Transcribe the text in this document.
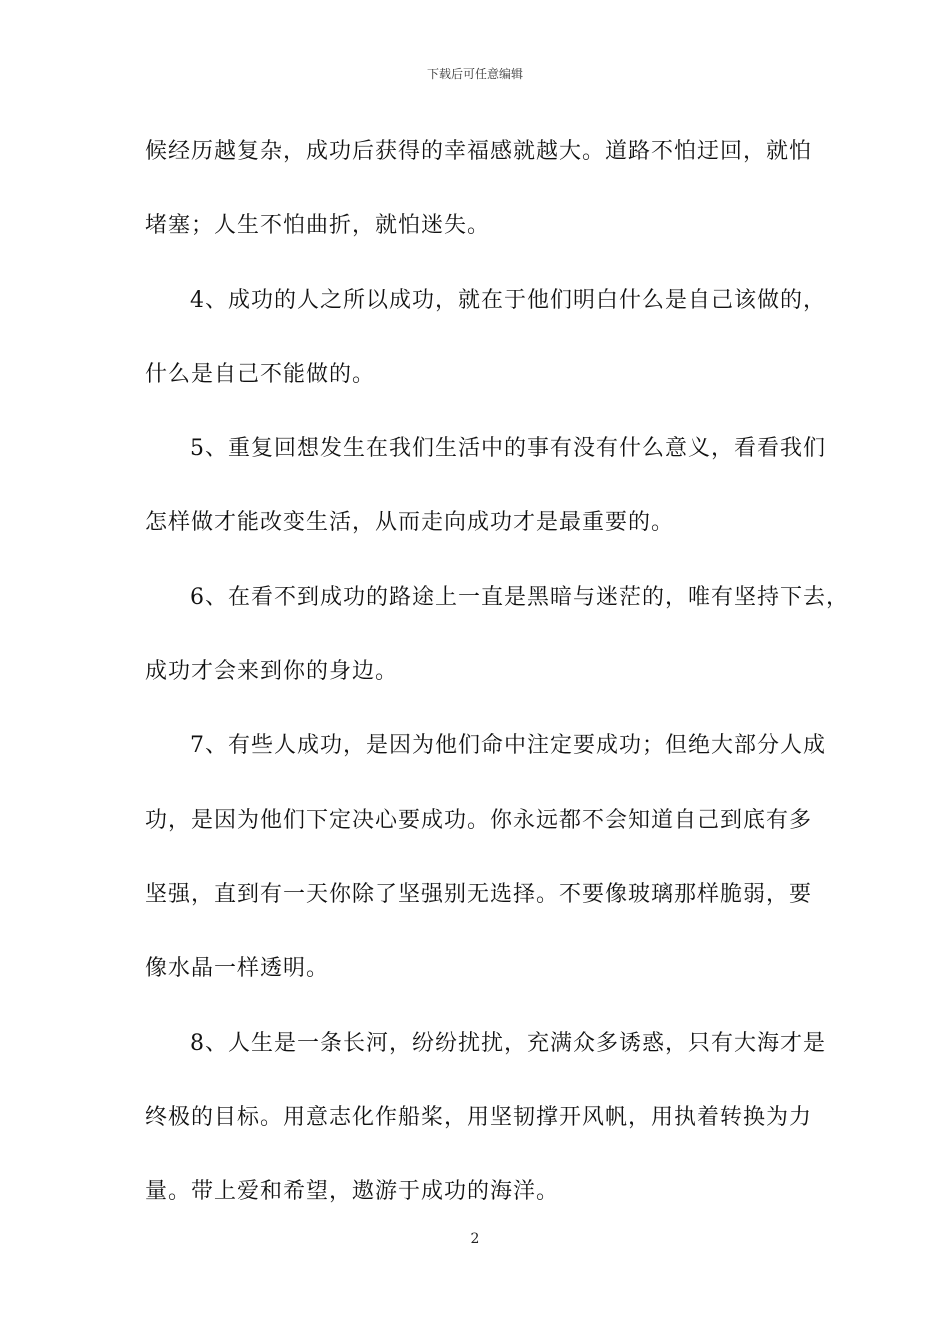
下载后可任意编辑
候经历越复杂，成功后获得的幸福感就越大。道路不怕迂回，就怕
堵塞；人生不怕曲折，就怕迷失。
4、成功的人之所以成功，就在于他们明白什么是自己该做的，
什么是自己不能做的。
5、重复回想发生在我们生活中的事有没有什么意义，看看我们
怎样做才能改变生活，从而走向成功才是最重要的。
6、在看不到成功的路途上一直是黑暗与迷茫的，唯有坚持下去，
成功才会来到你的身边。
7、有些人成功，是因为他们命中注定要成功；但绝大部分人成
功，是因为他们下定决心要成功。你永远都不会知道自己到底有多
坚强，直到有一天你除了坚强别无选择。不要像玻璃那样脆弱，要
像水晶一样透明。
8、人生是一条长河，纷纷扰扰，充满众多诱惑，只有大海才是
终极的目标。用意志化作船桨，用坚韧撑开风帆，用执着转换为力
量。带上爱和希望，遨游于成功的海洋。
2
